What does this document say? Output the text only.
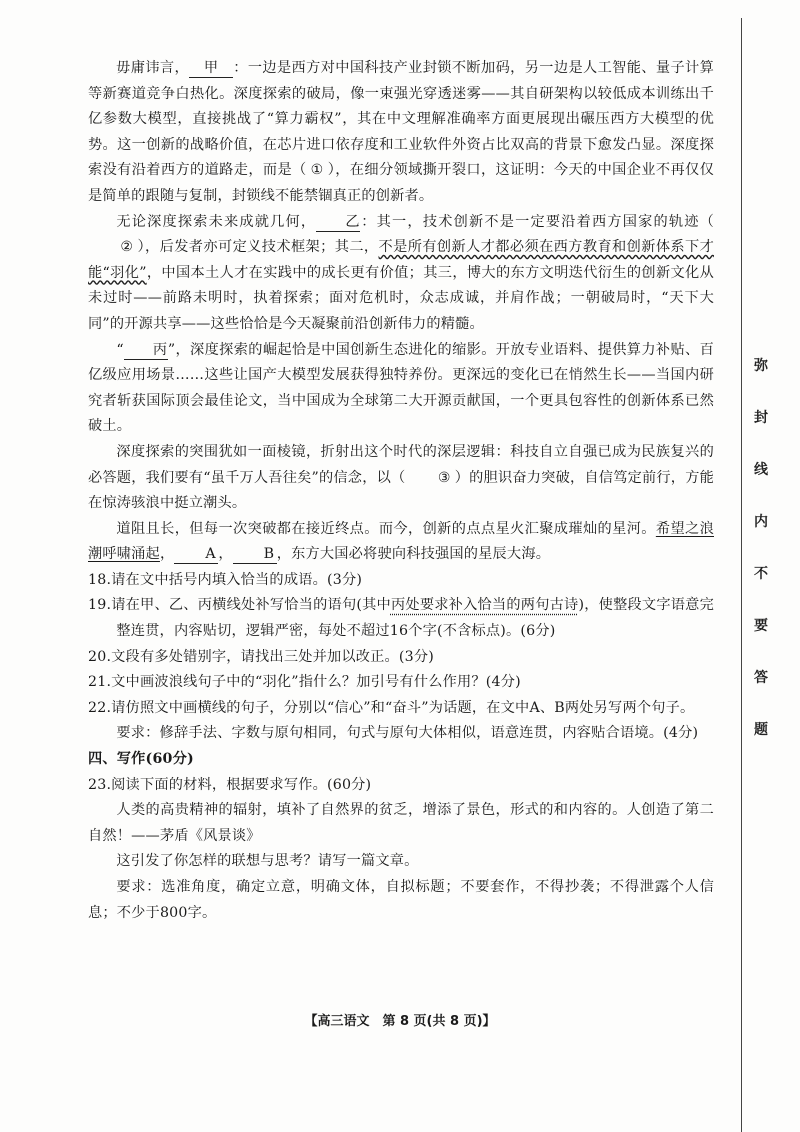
毋庸讳言， 甲 ：一边是西方对中国科技产业封锁不断加码，另一边是人工智能、量子计算等新赛道竞争白热化。深度探索的破局，像一束强光穿透迷雾——其自研架构以较低成本训练出千亿参数大模型，直接挑战了“算力霸权”，其在中文理解准确率方面更展现出碾压西方大模型的优势。这一创新的战略价值，在芯片进口依存度和工业软件外资占比双高的背景下愈发凸显。深度探索没有沿着西方的道路走，而是（ ① ），在细分领域撕开裂口，这证明：今天的中国企业不再仅仅是简单的跟随与复制，封锁线不能禁锢真正的创新者。

无论深度探索未来成就几何， 乙：其一，技术创新不是一定要沿着西方国家的轨迹（② ），后发者亦可定义技术框架；其二，不是所有创新人才都必须在西方教育和创新体系下才能“羽化”，中国本土人才在实践中的成长更有价值；其三，博大的东方文明迭代衍生的创新文化从未过时——前路未明时，执着探索；面对危机时，众志成诚，并肩作战；一朝破局时，“天下大同”的开源共享——这些恰恰是今天凝聚前沿创新伟力的精髓。

“ 丙”，深度探索的崛起恰是中国创新生态进化的缩影。开放专业语料、提供算力补贴、百亿级应用场景……这些让国产大模型发展获得独特养份。更深远的变化已在悄然生长——当国内研究者斩获国际顶会最佳论文，当中国成为全球第二大开源贡献国，一个更具包容性的创新体系已然破土。

深度探索的突围犹如一面棱镜，折射出这个时代的深层逻辑：科技自立自强已成为民族复兴的必答题，我们要有“虽千万人吾往矣”的信念，以（ ③ ）的胆识奋力突破，自信笃定前行，方能在惊涛骇浪中挺立潮头。

道阻且长，但每一次突破都在接近终点。而今，创新的点点星火汇聚成璀灿的星河。希望之浪潮呼啸涌起， A ， B ，东方大国必将驶向科技强国的星辰大海。

18.请在文中括号内填入恰当的成语。(3分)

19.请在甲、乙、丙横线处补写恰当的语句(其中丙处要求补入恰当的两句古诗)，使整段文字语意完整连贯，内容贴切，逻辑严密，每处不超过16个字(不含标点)。(6分)

20.文段有多处错别字，请找出三处并加以改正。(3分)

21.文中画波浪线句子中的“羽化”指什么？加引号有什么作用？(4分)

22.请仿照文中画横线的句子，分别以“信心”和“奋斗”为话题，在文中A、B两处另写两个句子。

要求：修辞手法、字数与原句相同，句式与原句大体相似，语意连贯，内容贴合语境。(4分)

四、写作(60分)

23.阅读下面的材料，根据要求写作。(60分)

人类的高贵精神的辐射，填补了自然界的贫乏，增添了景色，形式的和内容的。人创造了第二自然！——茅盾《风景谈》

这引发了你怎样的联想与思考？请写一篇文章。

要求：选准角度，确定立意，明确文体，自拟标题；不要套作，不得抄袭；不得泄露个人信息；不少于800字。

【高三语文　第 8 页(共 8 页)】
弥
封
线
内
不
要
答
题
